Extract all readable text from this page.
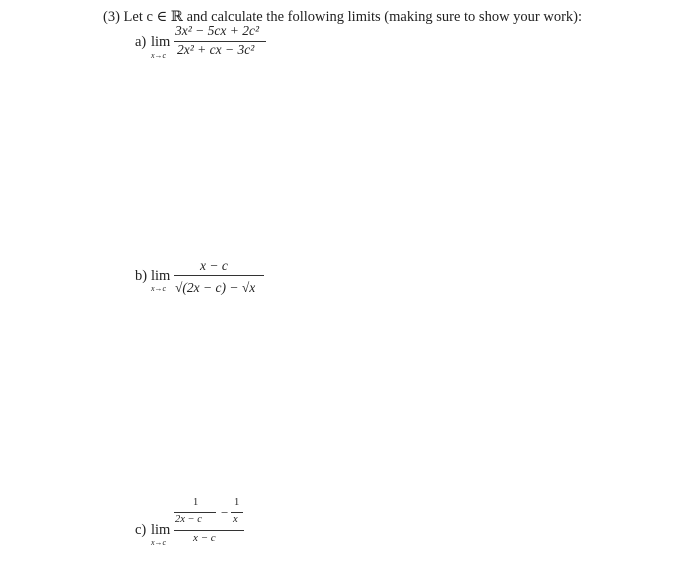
(3) Let c ∈ ℝ and calculate the following limits (making sure to show your work):
a) lim
x→c
3x² − 5cx + 2c²
2x² + cx − 3c²
b) lim
x→c
x − c
√(2x − c) − √x
c) lim
x→c
1
2x − c −
1
x
x − c
